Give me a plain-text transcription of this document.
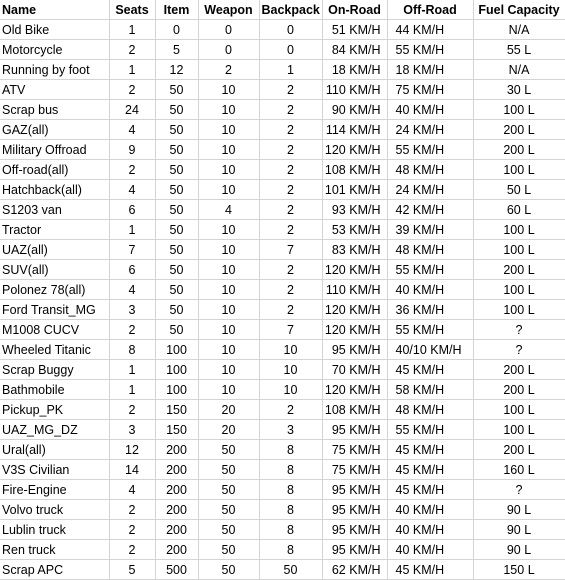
Name	Seats	Item	Weapon	Backpack	On-Road	Off-Road	Fuel Capacity
Old Bike	1	0	0	0	51 KM/H	44 KM/H	N/A
Motorcycle	2	5	0	0	84 KM/H	55 KM/H	55 L
Running by foot	1	12	2	1	18 KM/H	18 KM/H	N/A
ATV	2	50	10	2	110 KM/H	75 KM/H	30 L
Scrap bus	24	50	10	2	90 KM/H	40 KM/H	100 L
GAZ(all)	4	50	10	2	114 KM/H	24 KM/H	200 L
Military Offroad	9	50	10	2	120 KM/H	55 KM/H	200 L
Off-road(all)	2	50	10	2	108 KM/H	48 KM/H	100 L
Hatchback(all)	4	50	10	2	101 KM/H	24 KM/H	50 L
S1203 van	6	50	4	2	93 KM/H	42 KM/H	60 L
Tractor	1	50	10	2	53 KM/H	39 KM/H	100 L
UAZ(all)	7	50	10	7	83 KM/H	48 KM/H	100 L
SUV(all)	6	50	10	2	120 KM/H	55 KM/H	200 L
Polonez 78(all)	4	50	10	2	110 KM/H	40 KM/H	100 L
Ford Transit_MG	3	50	10	2	120 KM/H	36 KM/H	100 L
M1008 CUCV	2	50	10	7	120 KM/H	55 KM/H	?
Wheeled Titanic	8	100	10	10	95 KM/H	40/10 KM/H	?
Scrap Buggy	1	100	10	10	70 KM/H	45 KM/H	200 L
Bathmobile	1	100	10	10	120 KM/H	58 KM/H	200 L
Pickup_PK	2	150	20	2	108 KM/H	48 KM/H	100 L
UAZ_MG_DZ	3	150	20	3	95 KM/H	55 KM/H	100 L
Ural(all)	12	200	50	8	75 KM/H	45 KM/H	200 L
V3S Civilian	14	200	50	8	75 KM/H	45 KM/H	160 L
Fire-Engine	4	200	50	8	95 KM/H	45 KM/H	?
Volvo truck	2	200	50	8	95 KM/H	40 KM/H	90 L
Lublin truck	2	200	50	8	95 KM/H	40 KM/H	90 L
Ren truck	2	200	50	8	95 KM/H	40 KM/H	90 L
Scrap APC	5	500	50	50	62 KM/H	45 KM/H	150 L
